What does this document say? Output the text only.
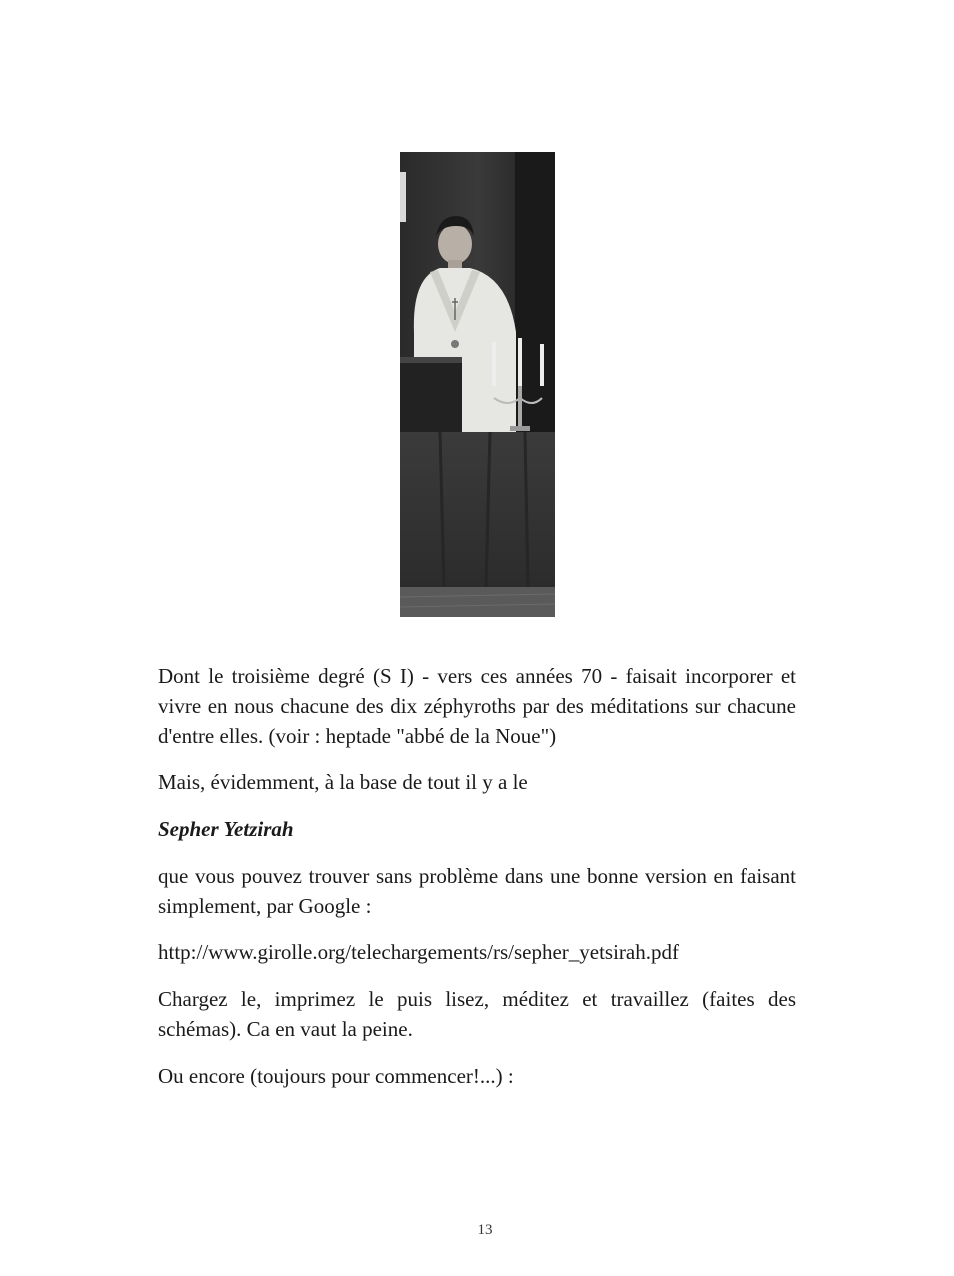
Dont le troisième degré (S I) - vers ces années 70 - faisait incorporer et vivre en nous chacune des dix zéphyroths par des méditations sur chacune d'entre elles. (voir : heptade "abbé de la Noue")

Mais, évidemment, à la base de tout il y a le

Sepher Yetzirah

que vous pouvez trouver sans problème dans une bonne version en faisant simplement, par Google :

http://www.girolle.org/telechargements/rs/sepher_yetsirah.pdf

Chargez le, imprimez le puis lisez, méditez et travaillez (faites des schémas). Ca en vaut la peine.

Ou encore (toujours pour commencer!...) :

13
